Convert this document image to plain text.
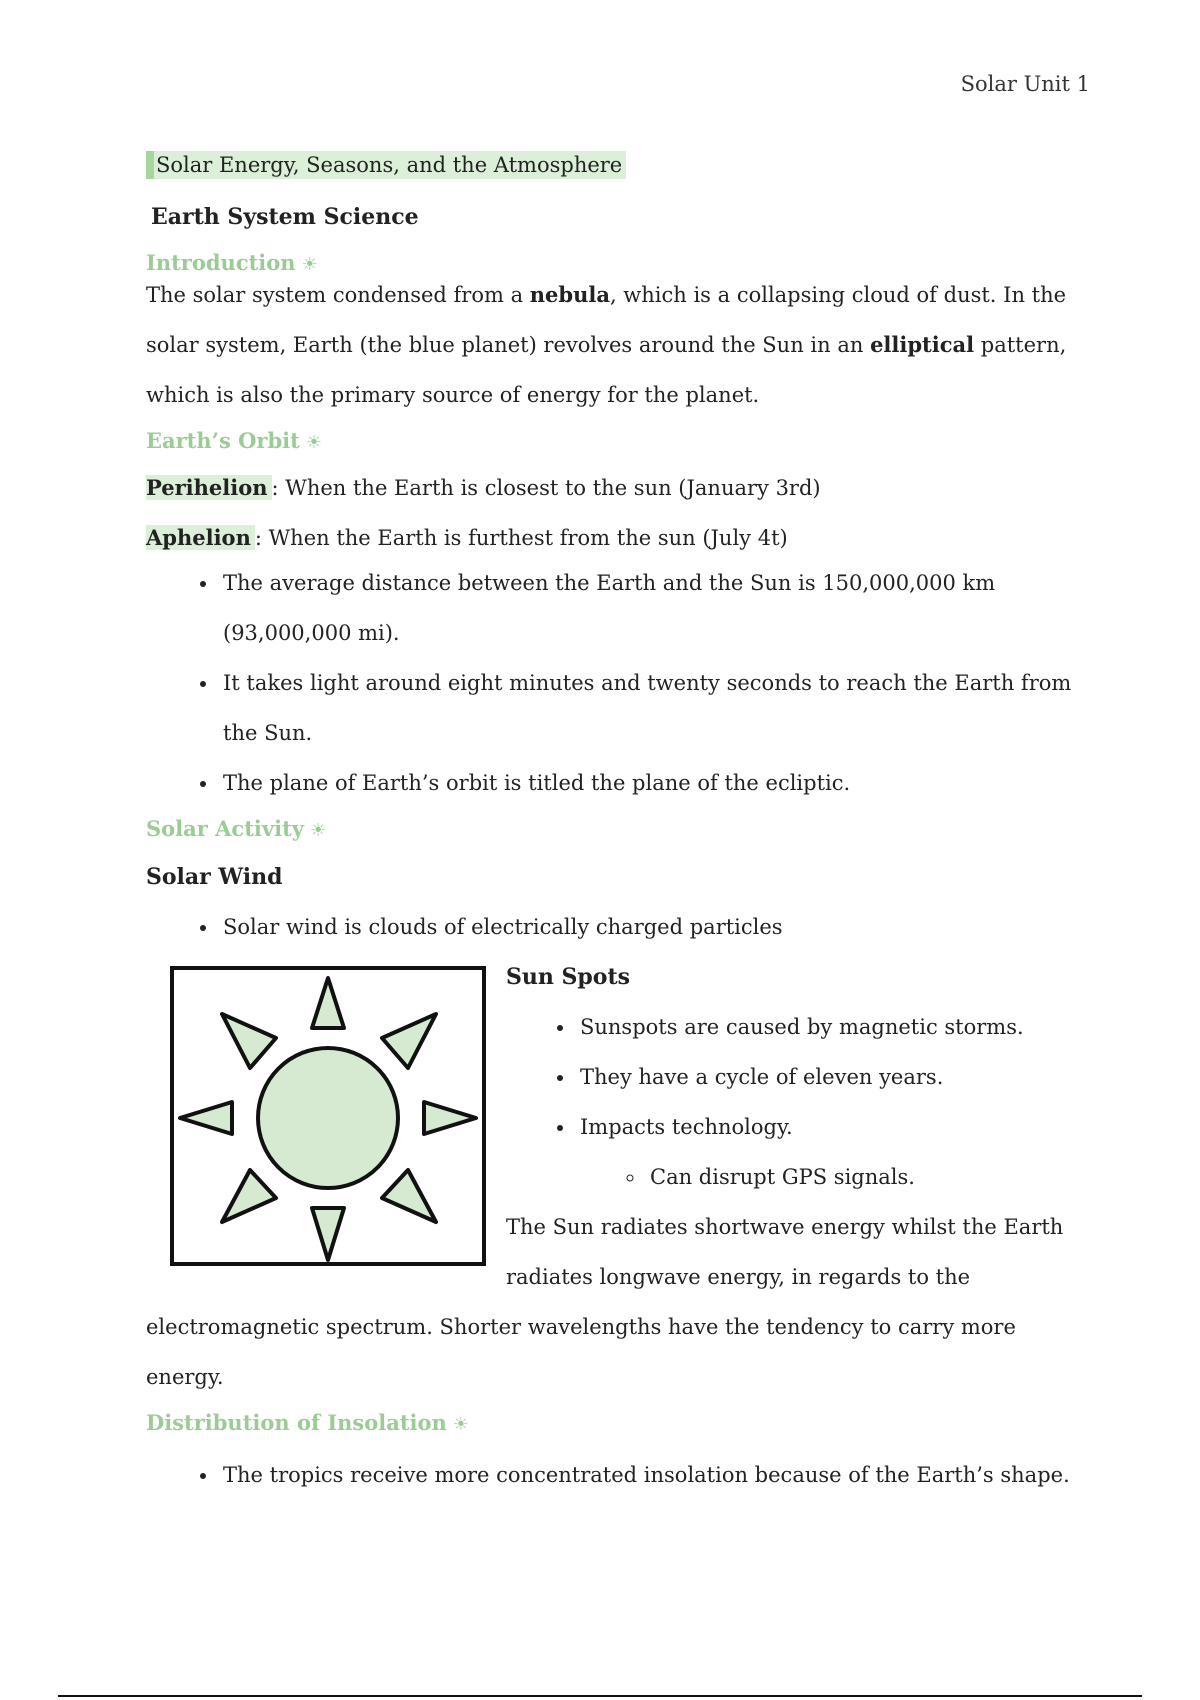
Solar Unit 1
Solar Energy, Seasons, and the Atmosphere
Earth System Science
Introduction ☀

The solar system condensed from a nebula, which is a collapsing cloud of dust. In the solar system, Earth (the blue planet) revolves around the Sun in an elliptical pattern, which is also the primary source of energy for the planet.

Earth’s Orbit ☀

Perihelion : When the Earth is closest to the sun (January 3rd)

Aphelion : When the Earth is furthest from the sun (July 4t)

• The average distance between the Earth and the Sun is 150,000,000 km (93,000,000 mi).
• It takes light around eight minutes and twenty seconds to reach the Earth from the Sun.
• The plane of Earth’s orbit is titled the plane of the ecliptic.
Solar Activity ☀
Solar Wind
• Solar wind is clouds of electrically charged particles
Sun Spots
• Sunspots are caused by magnetic storms.
• They have a cycle of eleven years.
• Impacts technology.
◦ Can disrupt GPS signals.

The Sun radiates shortwave energy whilst the Earth radiates longwave energy, in regards to the electromagnetic spectrum. Shorter wavelengths have the tendency to carry more energy.

Distribution of Insolation ☀
• The tropics receive more concentrated insolation because of the Earth’s shape.
